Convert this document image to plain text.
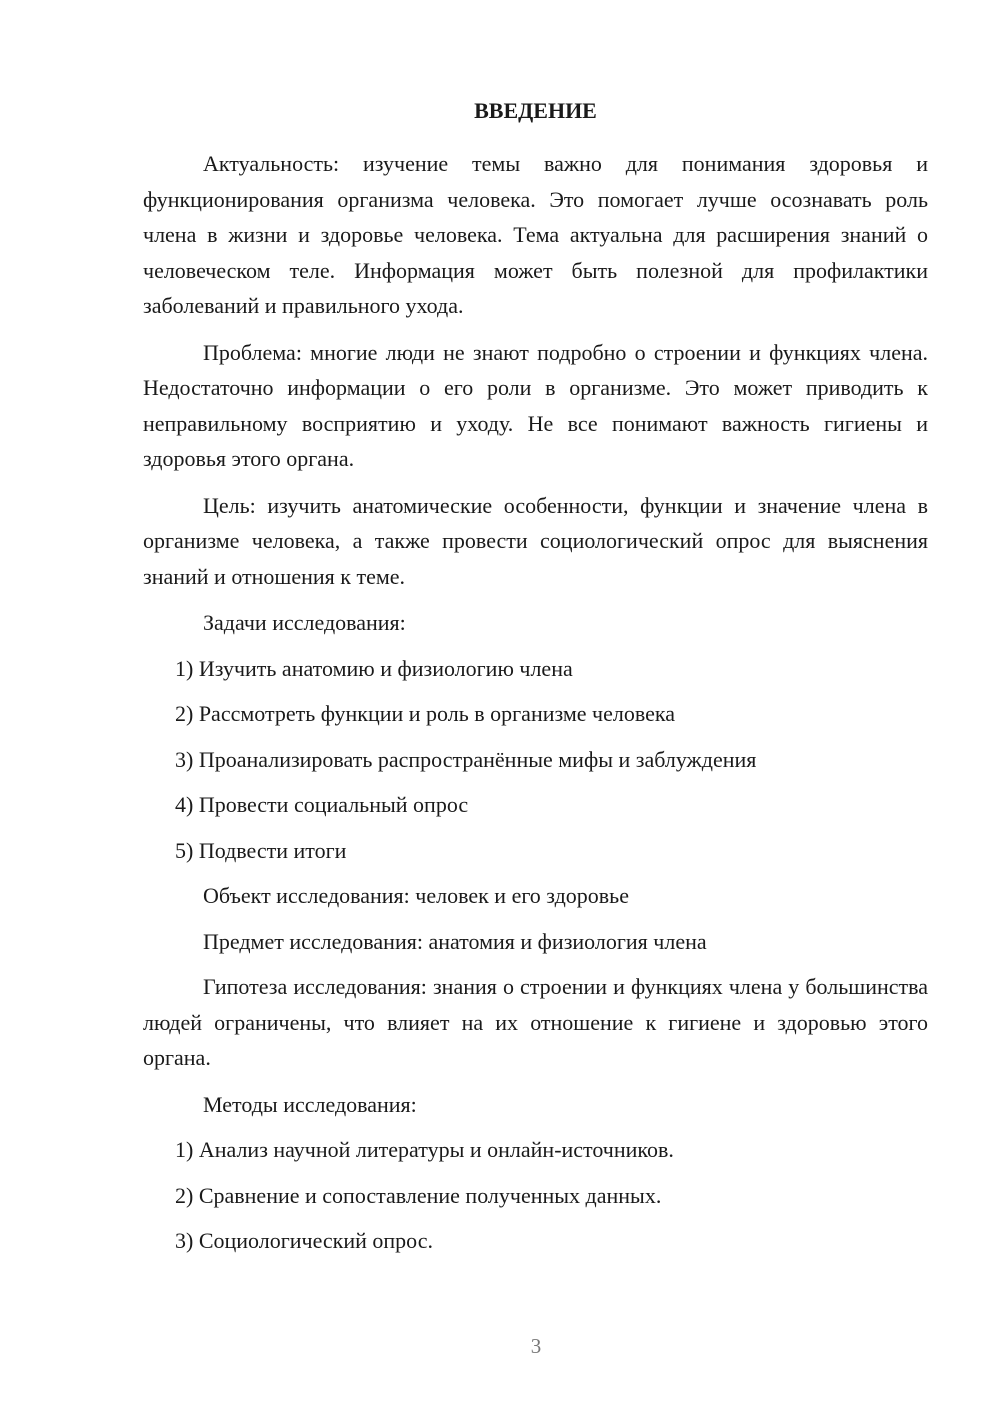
ВВЕДЕНИЕ

Актуальность: изучение темы важно для понимания здоровья и функционирования организма человека. Это помогает лучше осознавать роль члена в жизни и здоровье человека. Тема актуальна для расширения знаний о человеческом теле. Информация может быть полезной для профилактики заболеваний и правильного ухода.

Проблема: многие люди не знают подробно о строении и функциях члена. Недостаточно информации о его роли в организме. Это может приводить к неправильному восприятию и уходу. Не все понимают важность гигиены и здоровья этого органа.

Цель: изучить анатомические особенности, функции и значение члена в организме человека, а также провести социологический опрос для выяснения знаний и отношения к теме.

Задачи исследования:
1) Изучить анатомию и физиологию члена
2) Рассмотреть функции и роль в организме человека
3) Проанализировать распространённые мифы и заблуждения
4) Провести социальный опрос
5) Подвести итоги
Объект исследования: человек и его здоровье
Предмет исследования: анатомия и физиология члена

Гипотеза исследования: знания о строении и функциях члена у большинства людей ограничены, что влияет на их отношение к гигиене и здоровью этого органа.

Методы исследования:
1) Анализ научной литературы и онлайн-источников.
2) Сравнение и сопоставление полученных данных.
3) Социологический опрос.
3
